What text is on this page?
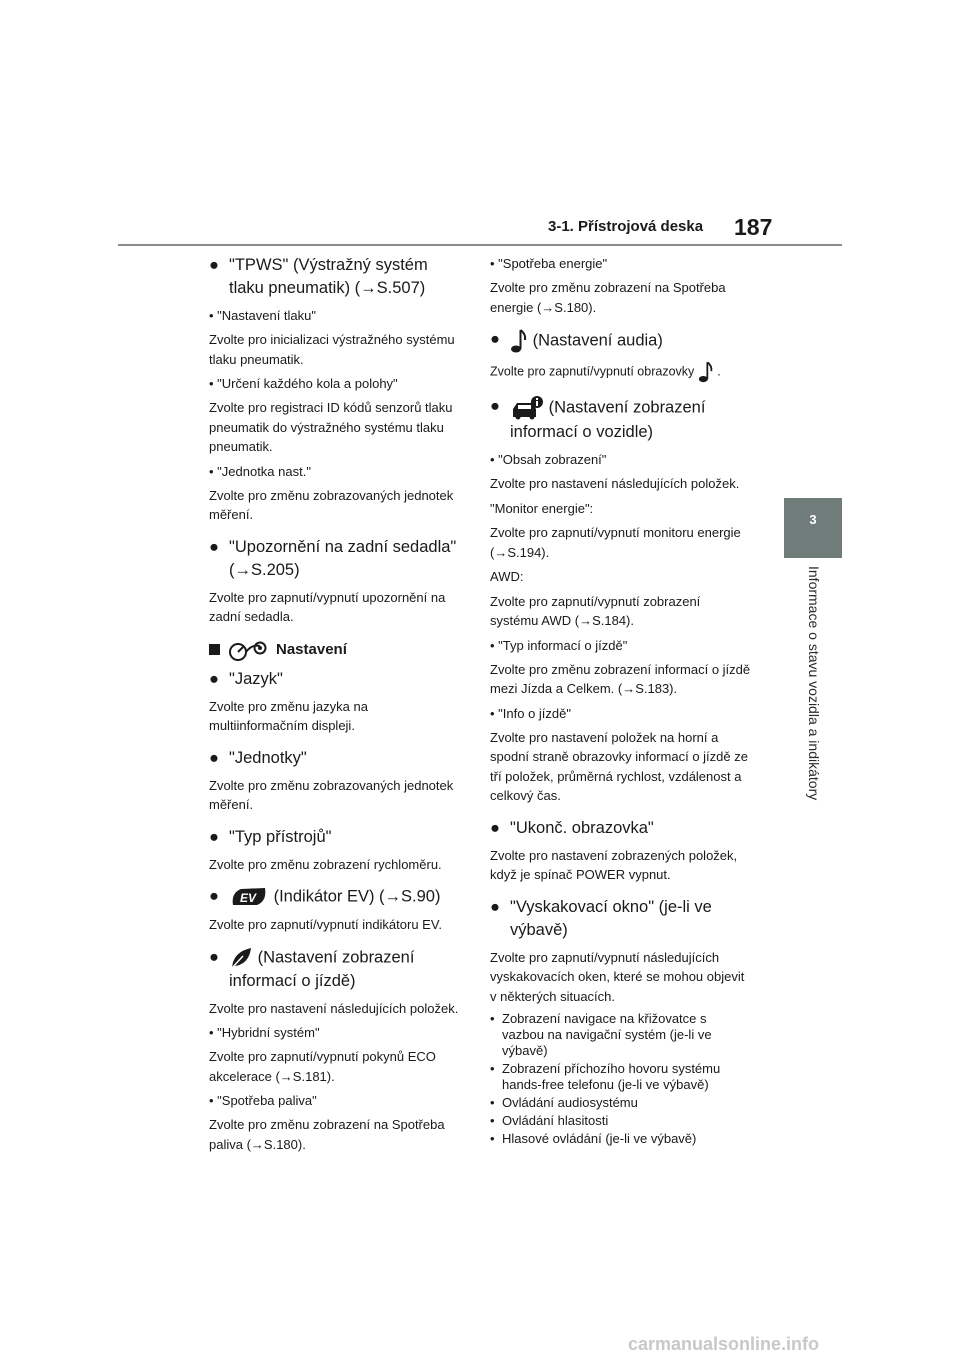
3-1. Přístrojová deska 187
3
Informace o stavu vozidla a indikátory
● "TPWS" (Výstražný systém tlaku pneumatik) (→S.507)
• "Nastavení tlaku"
Zvolte pro inicializaci výstražného systému tlaku pneumatik.
• "Určení každého kola a polohy"
Zvolte pro registraci ID kódů senzorů tlaku pneumatik do výstražného systému tlaku pneumatik.
• "Jednotka nast."
Zvolte pro změnu zobrazovaných jednotek měření.
● "Upozornění na zadní sedadla" (→S.205)
Zvolte pro zapnutí/vypnutí upozornění na zadní sedadla.
Nastavení
● "Jazyk"
Zvolte pro změnu jazyka na multiinformačním displeji.
● "Jednotky"
Zvolte pro změnu zobrazovaných jednotek měření.
● "Typ přístrojů"
Zvolte pro změnu zobrazení rychloměru.
● EV (Indikátor EV) (→S.90)
Zvolte pro zapnutí/vypnutí indikátoru EV.
● (Nastavení zobrazení informací o jízdě)
Zvolte pro nastavení následujících položek.
• "Hybridní systém"
Zvolte pro zapnutí/vypnutí pokynů ECO akcelerace (→S.181).
• "Spotřeba paliva"
Zvolte pro změnu zobrazení na Spotřeba paliva (→S.180).
• "Spotřeba energie"
Zvolte pro změnu zobrazení na Spotřeba energie (→S.180).
● (Nastavení audia)
Zvolte pro zapnutí/vypnutí obrazovky .
●	(Nastavení zobrazení informací o vozidle)
• "Obsah zobrazení"
Zvolte pro nastavení následujících položek.
"Monitor energie":
Zvolte pro zapnutí/vypnutí monitoru energie (→S.194).
AWD:
Zvolte pro zapnutí/vypnutí zobrazení systému AWD (→S.184).
• "Typ informací o jízdě"
Zvolte pro změnu zobrazení informací o jízdě mezi Jízda a Celkem. (→S.183).
• "Info o jízdě"
Zvolte pro nastavení položek na horní a spodní straně obrazovky informací o jízdě ze tří položek, průměrná rychlost, vzdálenost a celkový čas.
● "Ukonč. obrazovka"
Zvolte pro nastavení zobrazených položek, když je spínač POWER vypnut.
● "Vyskakovací okno" (je-li ve výbavě)
Zvolte pro zapnutí/vypnutí následujících vyskakovacích oken, které se mohou objevit v některých situacích.
• Zobrazení navigace na křižovatce s vazbou na navigační systém (je-li ve výbavě)
• Zobrazení příchozího hovoru systému hands-free telefonu (je-li ve výbavě)
• Ovládání audiosystému
• Ovládání hlasitosti
• Hlasové ovládání (je-li ve výbavě)
carmanualsonline.info
